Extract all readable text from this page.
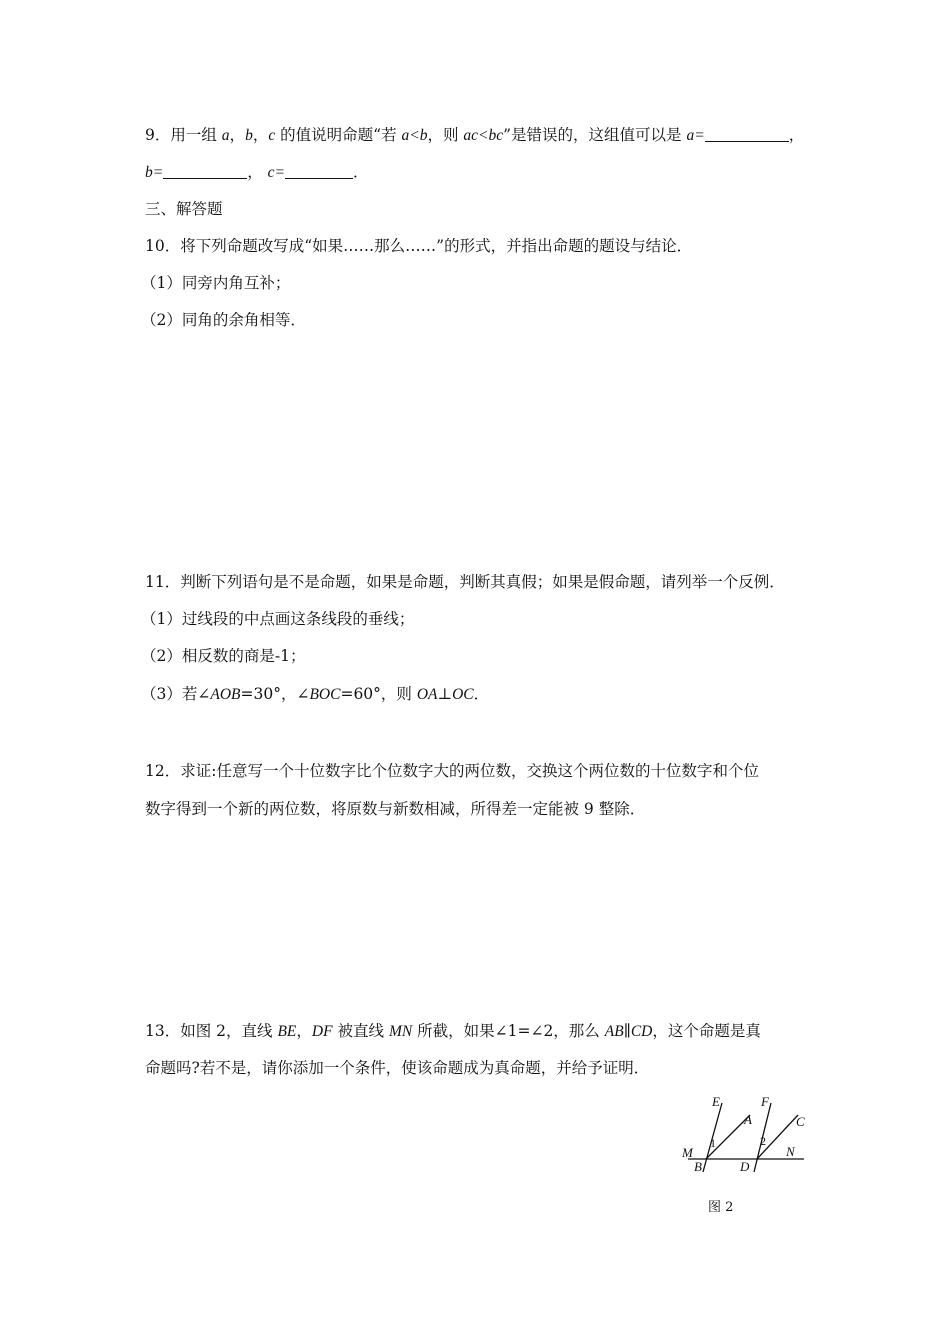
9．用一组 a，b，c 的值说明命题“若 a<b，则 ac<bc”是错误的，这组值可以是 a=	，
b=	， c=	．
三、解答题
10．将下列命题改写成“如果……那么……”的形式，并指出命题的题设与结论．
（1）同旁内角互补；
（2）同角的余角相等．
11．判断下列语句是不是命题，如果是命题，判断其真假；如果是假命题，请列举一个反例．
（1）过线段的中点画这条线段的垂线；
（2）相反数的商是-1；
（3）若∠AOB=30°，∠BOC=60°，则 OA⊥OC．
12．求证:任意写一个十位数字比个位数字大的两位数，交换这个两位数的十位数字和个位
数字得到一个新的两位数，将原数与新数相减，所得差一定能被 9 整除．
13．如图 2，直线 BE，DF 被直线 MN 所截，如果∠1=∠2，那么 AB∥CD，这个命题是真
命题吗?若不是，请你添加一个条件，使该命题成为真命题，并给予证明．
E	F
A	C
M	N
B	D
1	2
图 2
